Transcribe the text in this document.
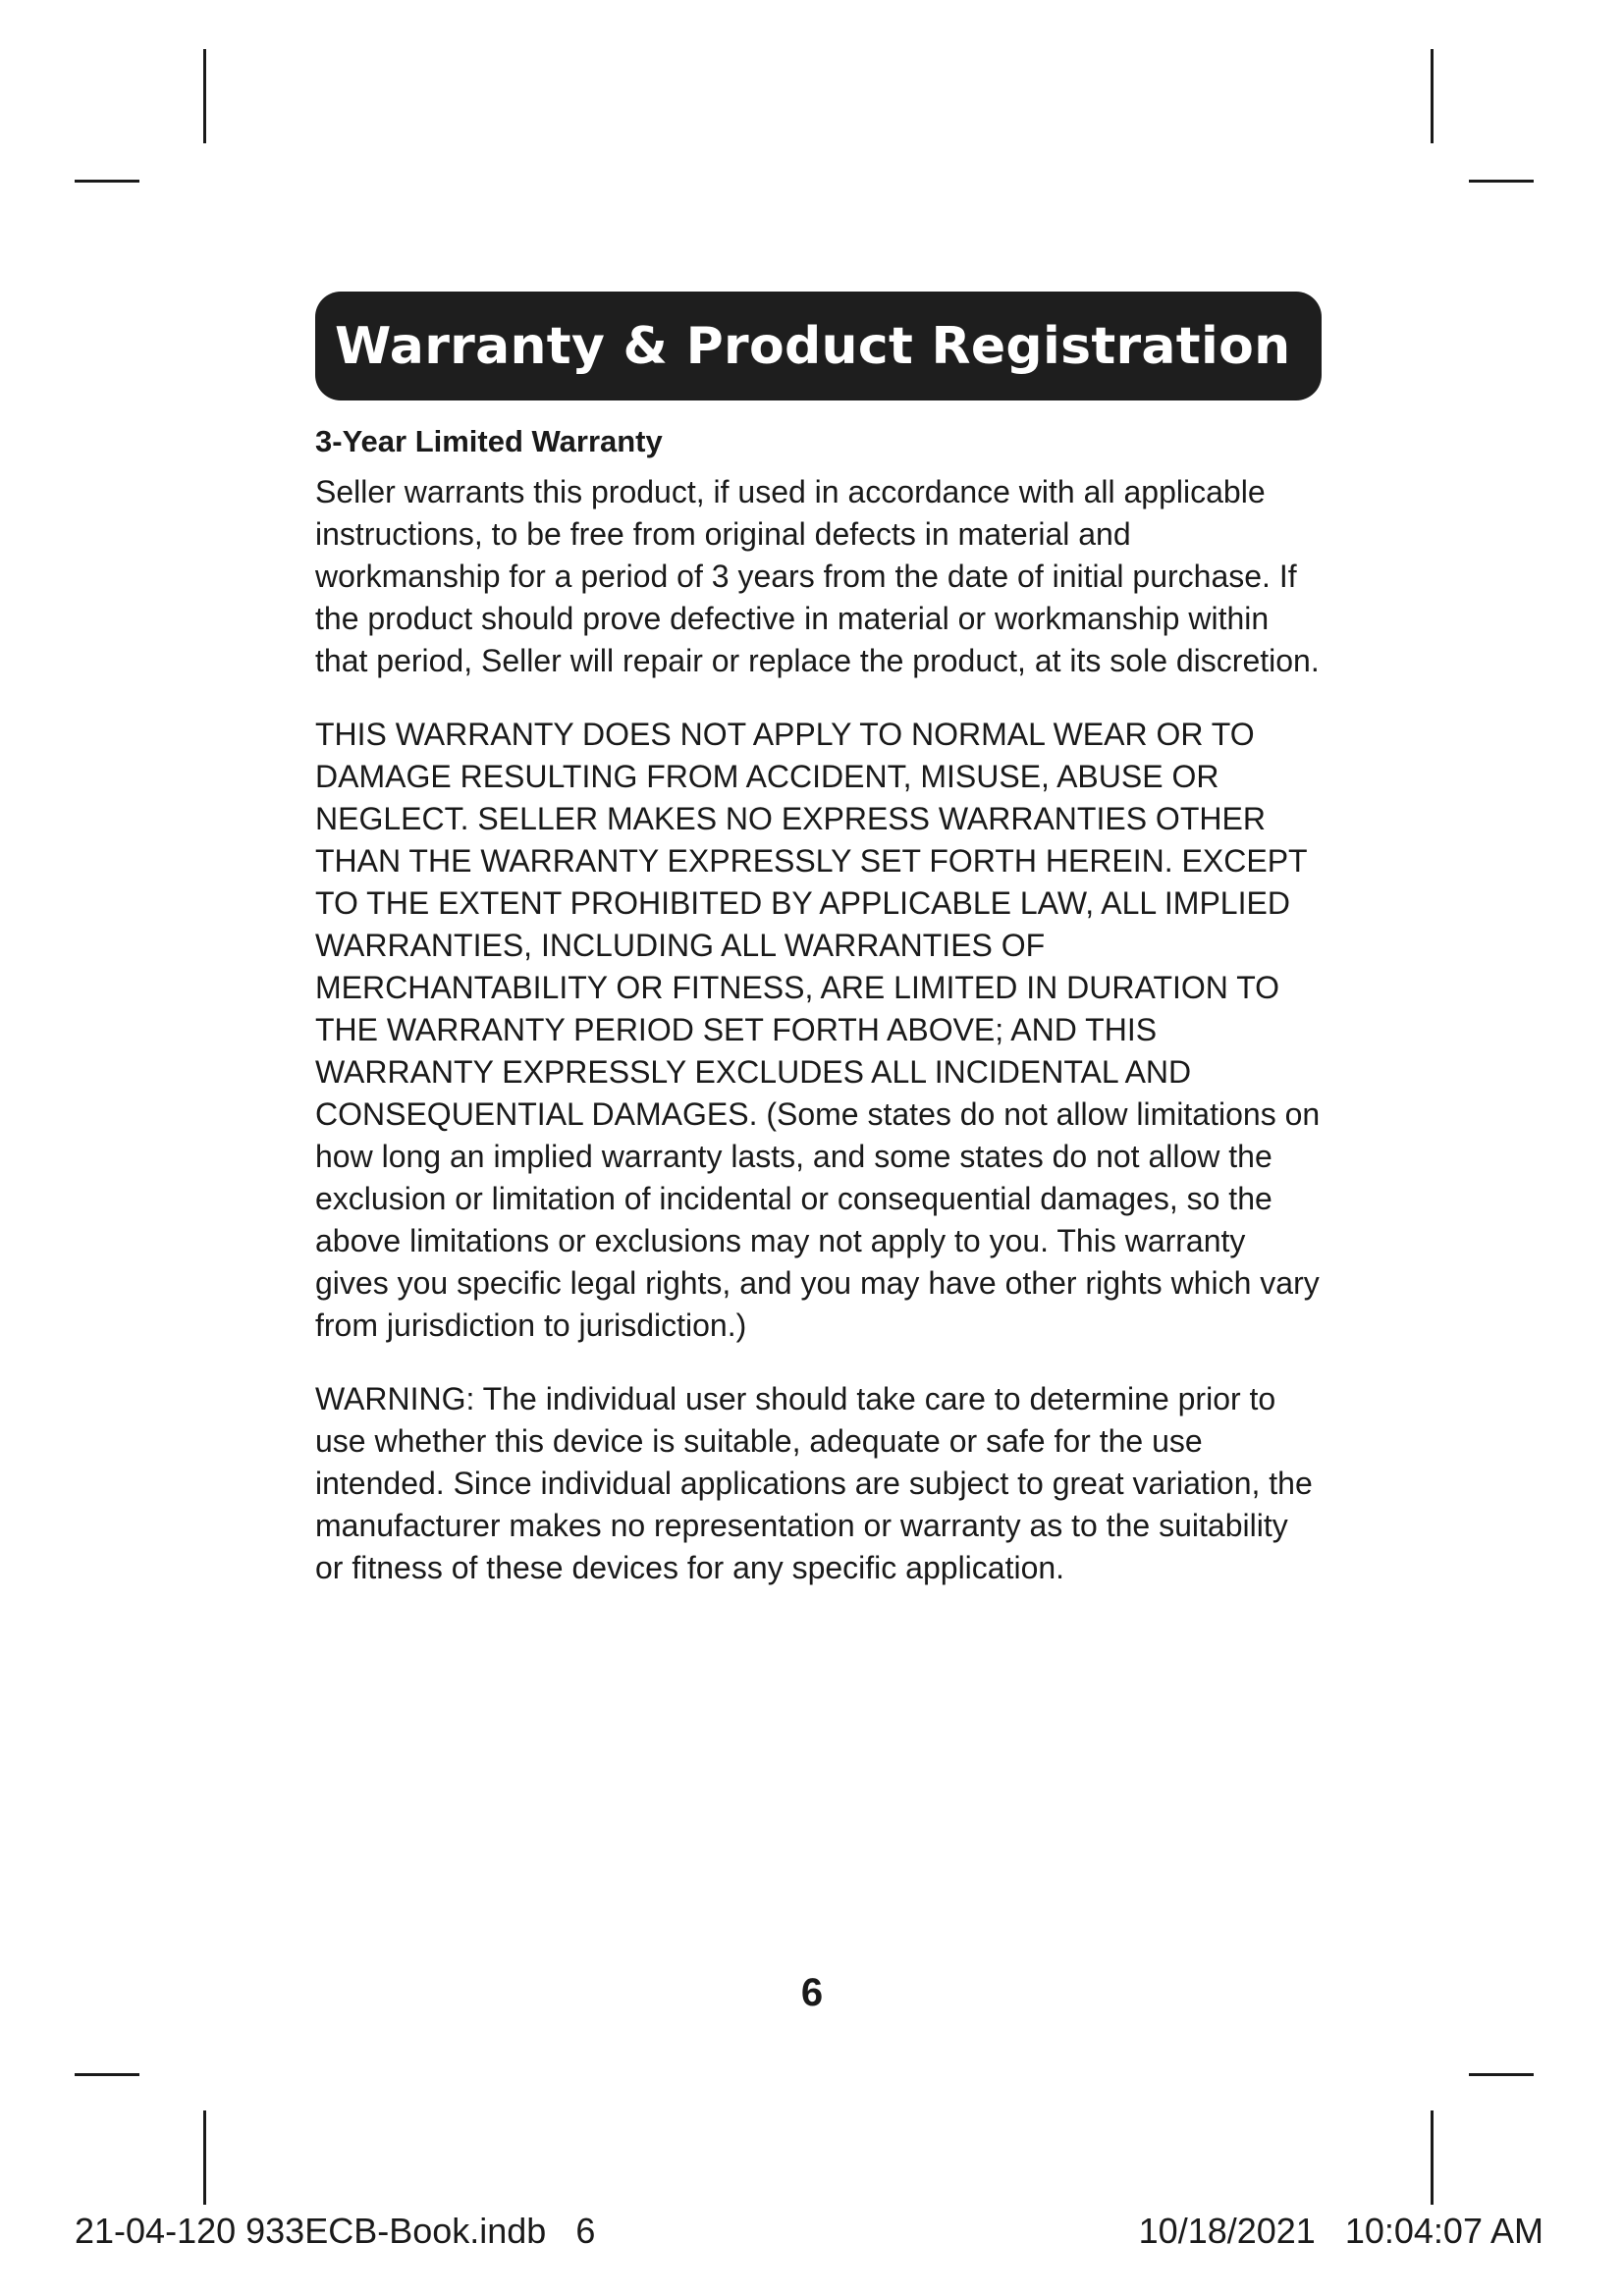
Warranty & Product Registration
3-Year Limited Warranty

Seller warrants this product, if used in accordance with all applicable instructions, to be free from original defects in material and workmanship for a period of 3 years from the date of initial purchase. If the product should prove defective in material or workmanship within that period, Seller will repair or replace the product, at its sole discretion.

THIS WARRANTY DOES NOT APPLY TO NORMAL WEAR OR TO DAMAGE RESULTING FROM ACCIDENT, MISUSE, ABUSE OR NEGLECT. SELLER MAKES NO EXPRESS WARRANTIES OTHER THAN THE WARRANTY EXPRESSLY SET FORTH HEREIN. EXCEPT TO THE EXTENT PROHIBITED BY APPLICABLE LAW, ALL IMPLIED WARRANTIES, INCLUDING ALL WARRANTIES OF MERCHANTABILITY OR FITNESS, ARE LIMITED IN DURATION TO THE WARRANTY PERIOD SET FORTH ABOVE; AND THIS WARRANTY EXPRESSLY EXCLUDES ALL INCIDENTAL AND CONSEQUENTIAL DAMAGES. (Some states do not allow limitations on how long an implied warranty lasts, and some states do not allow the exclusion or limitation of incidental or consequential damages, so the above limitations or exclusions may not apply to you. This warranty gives you specific legal rights, and you may have other rights which vary from jurisdiction to jurisdiction.)

WARNING: The individual user should take care to determine prior to use whether this device is suitable, adequate or safe for the use intended. Since individual applications are subject to great variation, the manufacturer makes no representation or warranty as to the suitability or fitness of these devices for any specific application.

6
21-04-120 933ECB-Book.indb   6	10/18/2021   10:04:07 AM
